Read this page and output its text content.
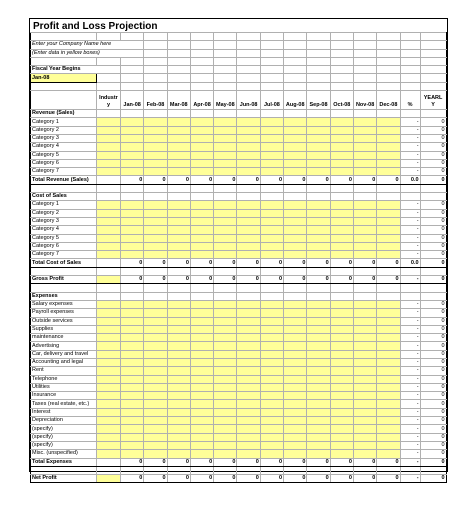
Profit and Loss Projection

Enter your Company Name here															
(Enter data in yellow boxes)															

Fiscal Year Begins															
Jan-08															

	Industr y	Jan-08	Feb-08	Mar-08	Apr-08	May-08	Jun-08	Jul-08	Aug-08	Sep-08	Oct-08	Nov-08	Dec-08	%	YEARL Y
Revenue (Sales)															
Category 1														-	0
Category 2														-	0
Category 3														-	0
Category 4														-	0
Category 5														-	0
Category 6														-	0
Category 7														-	0
Total Revenue (Sales)		0	0	0	0	0	0	0	0	0	0	0	0	0.0	0

Cost of Sales															
Category 1														-	0
Category 2														-	0
Category 3														-	0
Category 4														-	0
Category 5														-	0
Category 6														-	0
Category 7														-	0
Total Cost of Sales		0	0	0	0	0	0	0	0	0	0	0	0	0.0	0

Gross Profit		0	0	0	0	0	0	0	0	0	0	0	0	-	0

Expenses															
Salary expenses														-	0
Payroll expenses														-	0
Outside services														-	0
Supplies														-	0
maintenance														-	0
Advertising														-	0
Car, delivery and travel														-	0
Accounting and legal														-	0
Rent														-	0
Telephone														-	0
Utilities														-	0
Insurance														-	0
Taxes (real estate, etc.)														-	0
Interest														-	0
Depreciation														-	0
(specify)														-	0
(specify)														-	0
(specify)														-	0
Misc. (unspecified)														-	0
Total Expenses		0	0	0	0	0	0	0	0	0	0	0	0	-	0

Net Profit		0	0	0	0	0	0	0	0	0	0	0	0	-	0
